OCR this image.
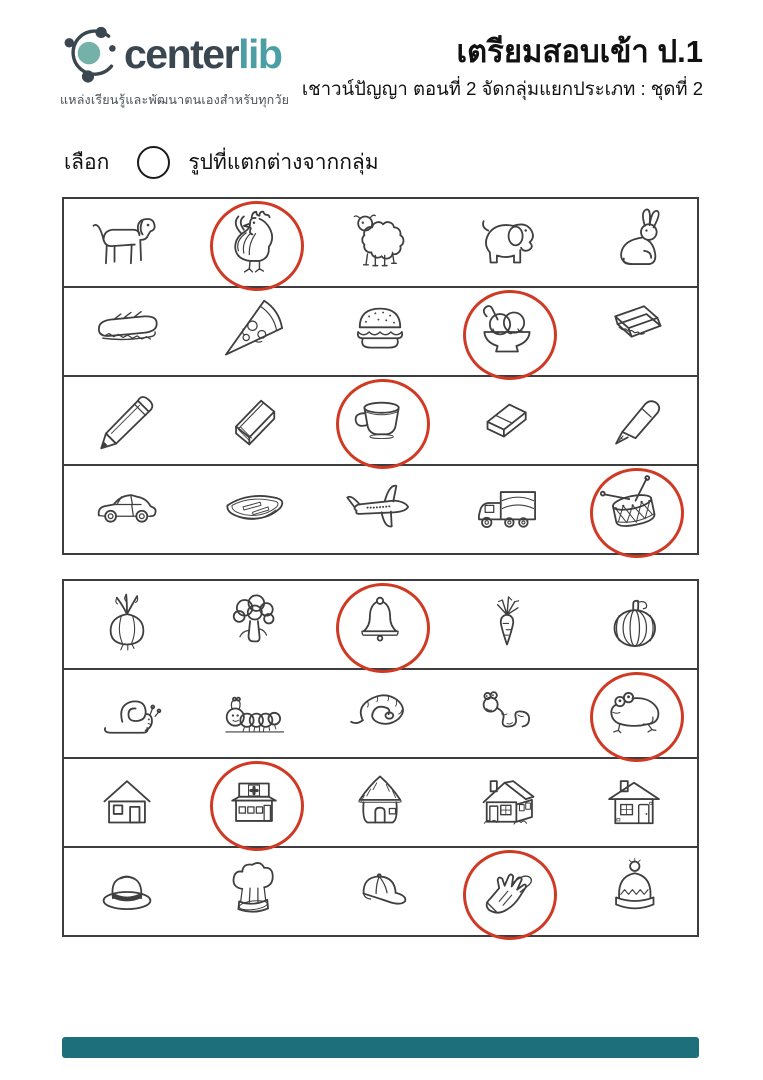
centerlib
แหล่งเรียนรู้และพัฒนาตนเองสำหรับทุกวัย
เตรียมสอบเข้า ป.1
เชาวน์ปัญญา ตอนที่ 2 จัดกลุ่มแยกประเภท : ชุดที่ 2
เลือก	รูปที่แตกต่างจากกลุ่ม
